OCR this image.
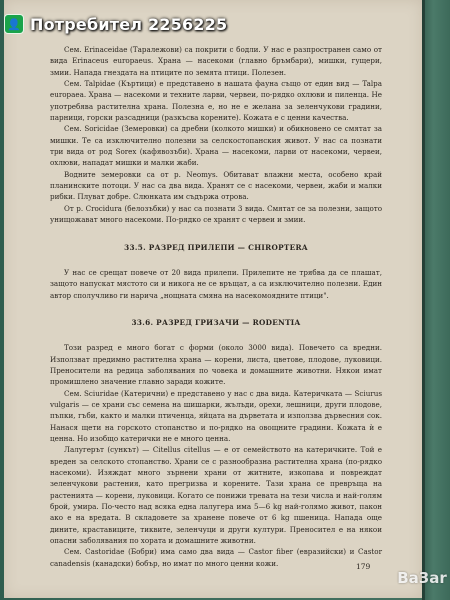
Сем. Erinaceidae (Таралежови) са покрити с бодли. У нас е разпространен само от вида Erinaceus europaeus. Храна — насекоми (главно бръмбари), мишки, гущери, змии. Напада гнездата на птиците по земята птици. Полезен.

Сем. Talpidae (Къртици) е представено в нашата фауна също от един вид — Talpa europaea. Храна — насекоми и техните ларви, червеи, по-рядко охлюви и пиленца. Не употребява растителна храна. Полезна е, но не е желана за зеленчукови градини, парници, горски разсадници (разкъсва корените). Кожата е с ценни качества.

Сем. Soricidae (Земеровки) са дребни (колкото мишки) и обикновено се смятат за мишки. Те са изключително полезни за селскостопанския живот. У нас са познати три вида от род Sorex (кафявозъби). Храна — насекоми, ларви от насекоми, червеи, охлюви, нападат мишки и малки жаби.

Водните земеровки са от р. Neomys. Обитават влажни места, особено край планинските потоци. У нас са два вида. Хранят се с насекоми, червеи, жаби и малки рибки. Плуват добре. Слюнката им съдържа отрова.

От р. Crocidura (белозъбки) у нас са познати 3 вида. Смятат се за полезни, защото унищожават много насекоми. По-рядко се хранят с червеи и змии.

33.5. РАЗРЕД ПРИЛЕПИ — CHIROPTERA

У нас се срещат повече от 20 вида прилепи. Прилепите не трябва да се плашат, защото напускат мястото си и никога не се връщат, а са изключително полезни. Един автор сполучливо ги нарича „нощната смяна на насекомоядните птици".

33.6. РАЗРЕД ГРИЗАЧИ — RODENTIA

Този разред е много богат с форми (около 3000 вида). Повечето са вредни. Използват предимно растителна храна — корени, листа, цветове, плодове, луковици. Преносители на редица заболявания по човека и домашните животни. Някои имат промишлено значение главно заради кожите.

Сем. Sciuridae (Катерични) е представено у нас с два вида. Катеричката — Sciurus vulgaris — се храни със семена на шишарки, жълъди, орехи, лешници, други плодове, пъпки, гъби, както и малки птиченца, яйцата на дърветата и използва дървесния сок. Нанася щети на горското стопанство и по-рядко на овощните градини. Кожата ѝ е ценна. Но изобщо катерички не е много ценна.

Лалугерът (сункът) — Citellus citellus — е от семейството на катеричките. Той е вреден за селското стопанство. Храни се с разнообразна растителна храна (по-рядко насекоми). Изяждат много зърнени храни от житните, изкопава и повреждат зеленчукови растения, като прегризва и корените. Тази храна се превръща на растенията — корени, луковици. Когато се понижи тревата на тези числа и най-голям брой, умира. По-често над всяка една лалугера има 5—6 kg най-голямо живот, пакон ако е на вредата. В складовете за хранене повече от 6 kg пшеница. Напада още дините, краставиците, тиквите, зеленчуци и други култури. Преносител е на някои опасни заболявания по хората и домашните животни.

Сем. Castoridae (Бобри) има само два вида — Castor fiber (евразийски) и Castor canadensis (канадски) бобър, но имат по много ценни кожи.	179
👤 Потребител 2256225
Ba3ar
